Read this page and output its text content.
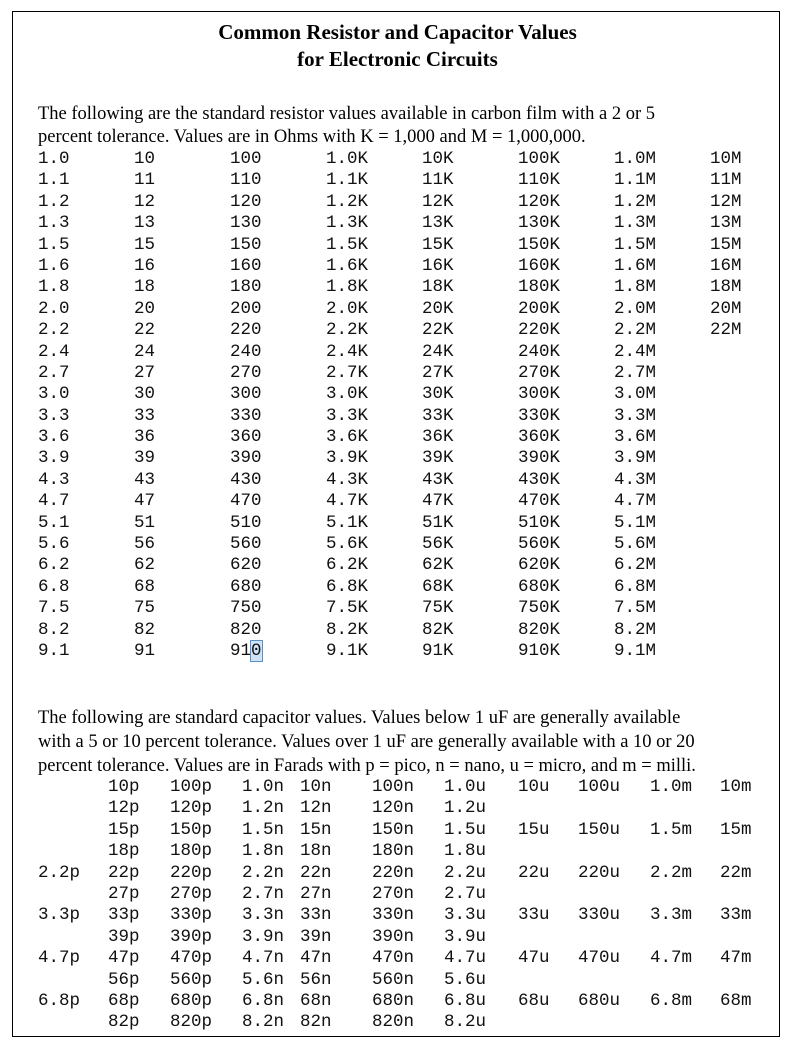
Common Resistor and Capacitor Values
for Electronic Circuits
The following are the standard resistor values available in carbon film with a 2 or 5
percent tolerance. Values are in Ohms with K = 1,000 and M = 1,000,000.
1.0
1.1
1.2
1.3
1.5
1.6
1.8
2.0
2.2
2.4
2.7
3.0
3.3
3.6
3.9
4.3
4.7
5.1
5.6
6.2
6.8
7.5
8.2
9.1
10
11
12
13
15
16
18
20
22
24
27
30
33
36
39
43
47
51
56
62
68
75
82
91
100
110
120
130
150
160
180
200
220
240
270
300
330
360
390
430
470
510
560
620
680
750
820
910
1.0K
1.1K
1.2K
1.3K
1.5K
1.6K
1.8K
2.0K
2.2K
2.4K
2.7K
3.0K
3.3K
3.6K
3.9K
4.3K
4.7K
5.1K
5.6K
6.2K
6.8K
7.5K
8.2K
9.1K
10K
11K
12K
13K
15K
16K
18K
20K
22K
24K
27K
30K
33K
36K
39K
43K
47K
51K
56K
62K
68K
75K
82K
91K
100K
110K
120K
130K
150K
160K
180K
200K
220K
240K
270K
300K
330K
360K
390K
430K
470K
510K
560K
620K
680K
750K
820K
910K
1.0M
1.1M
1.2M
1.3M
1.5M
1.6M
1.8M
2.0M
2.2M
2.4M
2.7M
3.0M
3.3M
3.6M
3.9M
4.3M
4.7M
5.1M
5.6M
6.2M
6.8M
7.5M
8.2M
9.1M
10M
11M
12M
13M
15M
16M
18M
20M
22M
The following are standard capacitor values. Values below 1 uF are generally available
with a 5 or 10 percent tolerance. Values over 1 uF are generally available with a 10 or 20
percent tolerance. Values are in Farads with p = pico, n = nano, u = micro, and m = milli.
10p 100p 1.0n 10n 100n 1.0u 10u 100u 1.0m 10m
12p 120p 1.2n 12n 120n 1.2u
15p 150p 1.5n 15n 150n 1.5u 15u 150u 1.5m 15m
18p 180p 1.8n 18n 180n 1.8u
2.2p 22p 220p 2.2n 22n 220n 2.2u 22u 220u 2.2m 22m
27p 270p 2.7n 27n 270n 2.7u
3.3p 33p 330p 3.3n 33n 330n 3.3u 33u 330u 3.3m 33m
39p 390p 3.9n 39n 390n 3.9u
4.7p 47p 470p 4.7n 47n 470n 4.7u 47u 470u 4.7m 47m
56p 560p 5.6n 56n 560n 5.6u
6.8p 68p 680p 6.8n 68n 680n 6.8u 68u 680u 6.8m 68m
82p 820p 8.2n 82n 820n 8.2u
